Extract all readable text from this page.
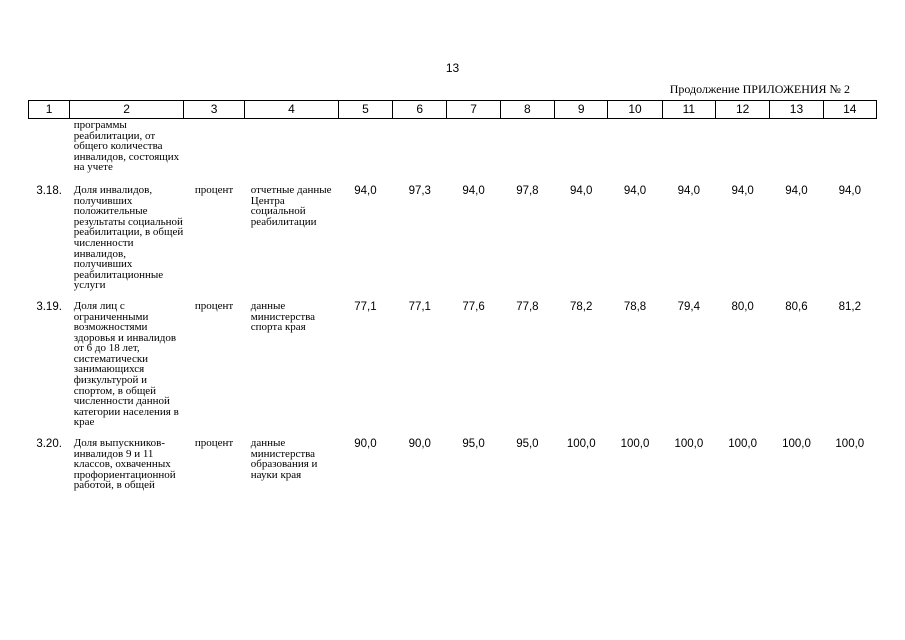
13
Продолжение ПРИЛОЖЕНИЯ № 2
1	2	3	4	5	6	7	8	9	10	11	12	13	14
	программы реабилитации, от общего количества инвалидов, состоящих на учете												
3.18.	Доля инвалидов, получивших положительные результаты социальной реабилитации, в общей численности инвалидов, получивших реабилитационные услуги	процент	отчетные данные Центра социальной реабилитации	94,0	97,3	94,0	97,8	94,0	94,0	94,0	94,0	94,0	94,0
3.19.	Доля лиц с ограниченными возможностями здоровья и инвалидов от 6 до 18 лет, систематически занимающихся физкультурой и спортом, в общей численности данной категории населения в крае	процент	данные министерства спорта края	77,1	77,1	77,6	77,8	78,2	78,8	79,4	80,0	80,6	81,2
3.20.	Доля выпускников-инвалидов 9 и 11 классов, охваченных профориентационной работой, в общей	процент	данные министерства образования и науки края	90,0	90,0	95,0	95,0	100,0	100,0	100,0	100,0	100,0	100,0
